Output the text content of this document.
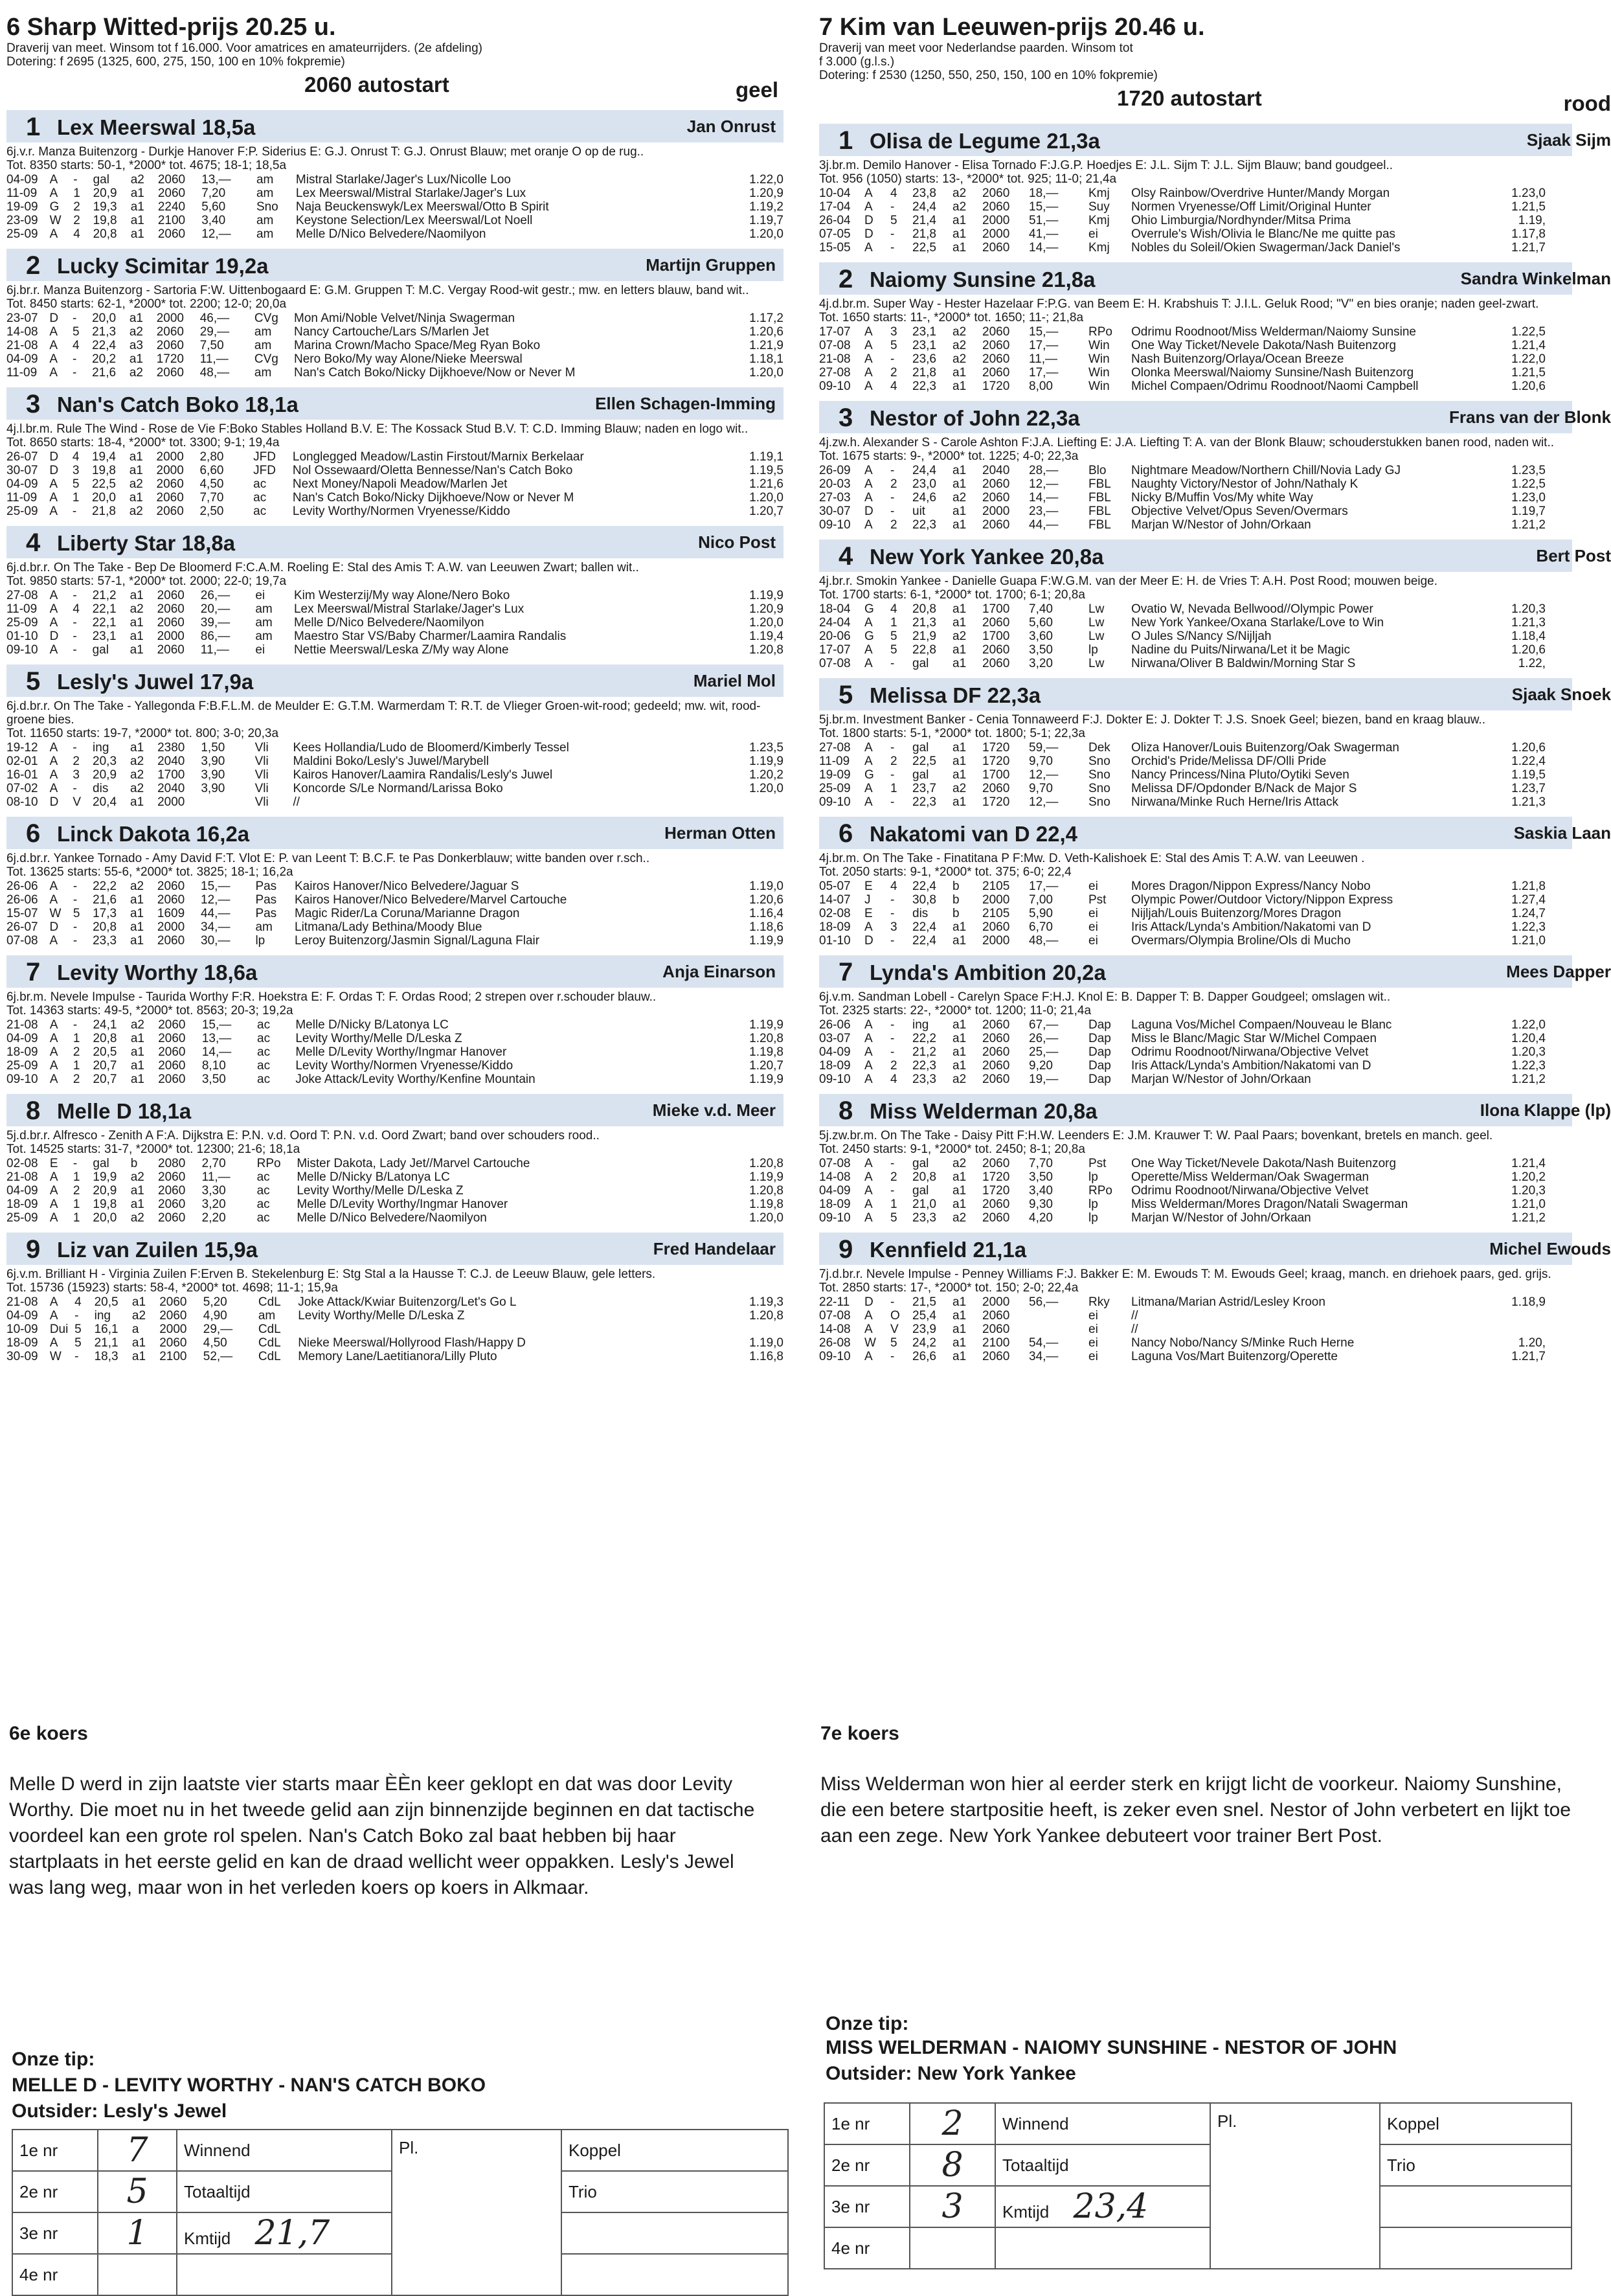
6 Sharp Witted-prijs 20.25 u.
Draverij van meet. Winsom tot f 16.000. Voor amatrices en amateurrijders. (2e afdeling)
Dotering: f 2695 (1325, 600, 275, 150, 100 en 10% fokpremie)
2060 autostart	geel
1 Lex Meerswal 18,5a	Jan Onrust
6j.v.r. Manza Buitenzorg - Durkje Hanover F:P. Siderius E: G.J. Onrust T: G.J. Onrust Blauw; met oranje O op de rug..
Tot. 8350 starts: 50-1, *2000* tot. 4675; 18-1; 18,5a
04-09	A	-	gal	a2	2060	13,—	am	Mistral Starlake/Jager's Lux/Nicolle Loo	1.22,0
11-09	A	1	20,9	a1	2060	7,20	am	Lex Meerswal/Mistral Starlake/Jager's Lux	1.20,9
19-09	G	2	19,3	a1	2240	5,60	Sno	Naja Beuckenswyk/Lex Meerswal/Otto B Spirit	1.19,2
23-09	W	2	19,8	a1	2100	3,40	am	Keystone Selection/Lex Meerswal/Lot Noell	1.19,7
25-09	A	4	20,8	a1	2060	12,—	am	Melle D/Nico Belvedere/Naomilyon	1.20,0
2 Lucky Scimitar 19,2a	Martijn Gruppen
6j.br.r. Manza Buitenzorg - Sartoria F:W. Uittenbogaard E: G.M. Gruppen T: M.C. Vergay Rood-wit gestr.; mw. en letters blauw, band wit..
Tot. 8450 starts: 62-1, *2000* tot. 2200; 12-0; 20,0a
23-07	D	-	20,0	a1	2000	46,—	CVg	Mon Ami/Noble Velvet/Ninja Swagerman	1.17,2
14-08	A	5	21,3	a2	2060	29,—	am	Nancy Cartouche/Lars S/Marlen Jet	1.20,6
21-08	A	4	22,4	a3	2060	7,50	am	Marina Crown/Macho Space/Meg Ryan Boko	1.21,9
04-09	A	-	20,2	a1	1720	11,—	CVg	Nero Boko/My way Alone/Nieke Meerswal	1.18,1
11-09	A	-	21,6	a2	2060	48,—	am	Nan's Catch Boko/Nicky Dijkhoeve/Now or Never M	1.20,0
3 Nan's Catch Boko 18,1a	Ellen Schagen-Imming
4j.l.br.m. Rule The Wind - Rose de Vie F:Boko Stables Holland B.V. E: The Kossack Stud B.V. T: C.D. Imming Blauw; naden en logo wit..
Tot. 8650 starts: 18-4, *2000* tot. 3300; 9-1; 19,4a
26-07	D	4	19,4	a1	2000	2,80	JFD	Longlegged Meadow/Lastin Firstout/Marnix Berkelaar	1.19,1
30-07	D	3	19,8	a1	2000	6,60	JFD	Nol Ossewaard/Oletta Bennesse/Nan's Catch Boko	1.19,5
04-09	A	5	22,5	a2	2060	4,50	ac	Next Money/Napoli Meadow/Marlen Jet	1.21,6
11-09	A	1	20,0	a1	2060	7,70	ac	Nan's Catch Boko/Nicky Dijkhoeve/Now or Never M	1.20,0
25-09	A	-	21,8	a2	2060	2,50	ac	Levity Worthy/Normen Vryenesse/Kiddo	1.20,7
4 Liberty Star 18,8a	Nico Post
6j.d.br.r. On The Take - Bep De Bloomerd F:C.A.M. Roeling E: Stal des Amis T: A.W. van Leeuwen Zwart; ballen wit..
Tot. 9850 starts: 57-1, *2000* tot. 2000; 22-0; 19,7a
27-08	A	-	21,2	a1	2060	26,—	ei	Kim Westerzij/My way Alone/Nero Boko	1.19,9
11-09	A	4	22,1	a2	2060	20,—	am	Lex Meerswal/Mistral Starlake/Jager's Lux	1.20,9
25-09	A	-	22,1	a1	2060	39,—	am	Melle D/Nico Belvedere/Naomilyon	1.20,0
01-10	D	-	23,1	a1	2000	86,—	am	Maestro Star VS/Baby Charmer/Laamira Randalis	1.19,4
09-10	A	-	gal	a1	2060	11,—	ei	Nettie Meerswal/Leska Z/My way Alone	1.20,8
5 Lesly's Juwel 17,9a	Mariel Mol
6j.d.br.r. On The Take - Yallegonda F:B.F.L.M. de Meulder E: G.T.M. Warmerdam T: R.T. de Vlieger Groen-wit-rood; gedeeld; mw. wit, rood-groene bies.
Tot. 11650 starts: 19-7, *2000* tot. 800; 3-0; 20,3a
19-12	A	-	ing	a1	2380	1,50	Vli	Kees Hollandia/Ludo de Bloomerd/Kimberly Tessel	1.23,5
02-01	A	2	20,3	a2	2040	3,90	Vli	Maldini Boko/Lesly's Juwel/Marybell	1.19,9
16-01	A	3	20,9	a2	1700	3,90	Vli	Kairos Hanover/Laamira Randalis/Lesly's Juwel	1.20,2
07-02	A	-	dis	a2	2040	3,90	Vli	Koncorde S/Le Normand/Larissa Boko	1.20,0
08-10	D	V	20,4	a1	2000		Vli	//	
6 Linck Dakota 16,2a	Herman Otten
6j.d.br.r. Yankee Tornado - Amy David F:T. Vlot E: P. van Leent T: B.C.F. te Pas Donkerblauw; witte banden over r.sch..
Tot. 13625 starts: 55-6, *2000* tot. 3825; 18-1; 16,2a
26-06	A	-	22,2	a2	2060	15,—	Pas	Kairos Hanover/Nico Belvedere/Jaguar S	1.19,0
26-06	A	-	21,6	a1	2060	12,—	Pas	Kairos Hanover/Nico Belvedere/Marvel Cartouche	1.20,6
15-07	W	5	17,3	a1	1609	44,—	Pas	Magic Rider/La Coruna/Marianne Dragon	1.16,4
26-07	D	-	20,8	a1	2000	34,—	am	Litmana/Lady Bethina/Moody Blue	1.18,6
07-08	A	-	23,3	a1	2060	30,—	lp	Leroy Buitenzorg/Jasmin Signal/Laguna Flair	1.19,9
7 Levity Worthy 18,6a	Anja Einarson
6j.br.m. Nevele Impulse - Taurida Worthy F:R. Hoekstra E: F. Ordas T: F. Ordas Rood; 2 strepen over r.schouder blauw..
Tot. 14363 starts: 49-5, *2000* tot. 8563; 20-3; 19,2a
21-08	A	-	24,1	a2	2060	15,—	ac	Melle D/Nicky B/Latonya LC	1.19,9
04-09	A	1	20,8	a1	2060	13,—	ac	Levity Worthy/Melle D/Leska Z	1.20,8
18-09	A	2	20,5	a1	2060	14,—	ac	Melle D/Levity Worthy/Ingmar Hanover	1.19,8
25-09	A	1	20,7	a1	2060	8,10	ac	Levity Worthy/Normen Vryenesse/Kiddo	1.20,7
09-10	A	2	20,7	a1	2060	3,50	ac	Joke Attack/Levity Worthy/Kenfine Mountain	1.19,9
8 Melle D 18,1a	Mieke v.d. Meer
5j.d.br.r. Alfresco - Zenith A F:A. Dijkstra E: P.N. v.d. Oord T: P.N. v.d. Oord Zwart; band over schouders rood..
Tot. 14525 starts: 31-7, *2000* tot. 12300; 21-6; 18,1a
02-08	E	-	gal	b	2080	2,70	RPo	Mister Dakota, Lady Jet//Marvel Cartouche	1.20,8
21-08	A	1	19,9	a2	2060	11,—	ac	Melle D/Nicky B/Latonya LC	1.19,9
04-09	A	2	20,9	a1	2060	3,30	ac	Levity Worthy/Melle D/Leska Z	1.20,8
18-09	A	1	19,8	a1	2060	3,20	ac	Melle D/Levity Worthy/Ingmar Hanover	1.19,8
25-09	A	1	20,0	a2	2060	2,20	ac	Melle D/Nico Belvedere/Naomilyon	1.20,0
9 Liz van Zuilen 15,9a	Fred Handelaar
6j.v.m. Brilliant H - Virginia Zuilen F:Erven B. Stekelenburg E: Stg Stal a la Hausse T: C.J. de Leeuw Blauw, gele letters.
Tot. 15736 (15923) starts: 58-4, *2000* tot. 4698; 11-1; 15,9a
21-08	A	4	20,5	a1	2060	5,20	CdL	Joke Attack/Kwiar Buitenzorg/Let's Go L	1.19,3
04-09	A	-	ing	a2	2060	4,90	am	Levity Worthy/Melle D/Leska Z	1.20,8
10-09	Dui	5	16,1	a	2000	29,—	CdL		
18-09	A	5	21,1	a1	2060	4,50	CdL	Nieke Meerswal/Hollyrood Flash/Happy D	1.19,0
30-09	W	-	18,3	a1	2100	52,—	CdL	Memory Lane/Laetitianora/Lilly Pluto	1.16,8
7 Kim van Leeuwen-prijs 20.46 u.
Draverij van meet voor Nederlandse paarden. Winsom tot
f 3.000 (g.l.s.)
Dotering: f 2530 (1250, 550, 250, 150, 100 en 10% fokpremie)
1720 autostart	rood
1 Olisa de Legume 21,3a	Sjaak Sijm
3j.br.m. Demilo Hanover - Elisa Tornado F:J.G.P. Hoedjes E: J.L. Sijm T: J.L. Sijm Blauw; band goudgeel..
Tot. 956 (1050) starts: 13-, *2000* tot. 925; 11-0; 21,4a
10-04	A	4	23,8	a2	2060	18,—	Kmj	Olsy Rainbow/Overdrive Hunter/Mandy Morgan	1.23,0
17-04	A	-	24,4	a2	2060	15,—	Suy	Normen Vryenesse/Off Limit/Original Hunter	1.21,5
26-04	D	5	21,4	a1	2000	51,—	Kmj	Ohio Limburgia/Nordhynder/Mitsa Prima	1.19,
07-05	D	-	21,8	a1	2000	41,—	ei	Overrule's Wish/Olivia le Blanc/Ne me quitte pas	1.17,8
15-05	A	-	22,5	a1	2060	14,—	Kmj	Nobles du Soleil/Okien Swagerman/Jack Daniel's	1.21,7
2 Naiomy Sunsine 21,8a	Sandra Winkelman
4j.d.br.m. Super Way - Hester Hazelaar F:P.G. van Beem E: H. Krabshuis T: J.I.L. Geluk Rood; "V" en bies oranje; naden geel-zwart.
Tot. 1650 starts: 11-, *2000* tot. 1650; 11-; 21,8a
17-07	A	3	23,1	a2	2060	15,—	RPo	Odrimu Roodnoot/Miss Welderman/Naiomy Sunsine	1.22,5
07-08	A	5	23,1	a2	2060	17,—	Win	One Way Ticket/Nevele Dakota/Nash Buitenzorg	1.21,4
21-08	A	-	23,6	a2	2060	11,—	Win	Nash Buitenzorg/Orlaya/Ocean Breeze	1.22,0
27-08	A	2	21,8	a1	2060	17,—	Win	Olonka Meerswal/Naiomy Sunsine/Nash Buitenzorg	1.21,5
09-10	A	4	22,3	a1	1720	8,00	Win	Michel Compaen/Odrimu Roodnoot/Naomi Campbell	1.20,6
3 Nestor of John 22,3a	Frans van der Blonk
4j.zw.h. Alexander S - Carole Ashton F:J.A. Liefting E: J.A. Liefting T: A. van der Blonk Blauw; schouderstukken banen rood, naden wit..
Tot. 1675 starts: 9-, *2000* tot. 1225; 4-0; 22,3a
26-09	A	-	24,4	a1	2040	28,—	Blo	Nightmare Meadow/Northern Chill/Novia Lady GJ	1.23,5
20-03	A	2	23,0	a1	2060	12,—	FBL	Naughty Victory/Nestor of John/Nathaly K	1.22,5
27-03	A	-	24,6	a2	2060	14,—	FBL	Nicky B/Muffin Vos/My white Way	1.23,0
30-07	D	-	uit	a1	2000	23,—	FBL	Objective Velvet/Opus Seven/Overmars	1.19,7
09-10	A	2	22,3	a1	2060	44,—	FBL	Marjan W/Nestor of John/Orkaan	1.21,2
4 New York Yankee 20,8a	Bert Post
4j.br.r. Smokin Yankee - Danielle Guapa F:W.G.M. van der Meer E: H. de Vries T: A.H. Post Rood; mouwen beige.
Tot. 1700 starts: 6-1, *2000* tot. 1700; 6-1; 20,8a
18-04	G	4	20,8	a1	1700	7,40	Lw	Ovatio W, Nevada Bellwood//Olympic Power	1.20,3
24-04	A	1	21,3	a1	2060	5,60	Lw	New York Yankee/Oxana Starlake/Love to Win	1.21,3
20-06	G	5	21,9	a2	1700	3,60	Lw	O Jules S/Nancy S/Nijljah	1.18,4
17-07	A	5	22,8	a1	2060	3,50	lp	Nadine du Puits/Nirwana/Let it be Magic	1.20,6
07-08	A	-	gal	a1	2060	3,20	Lw	Nirwana/Oliver B Baldwin/Morning Star S	1.22,
5 Melissa DF 22,3a	Sjaak Snoek
5j.br.m. Investment Banker - Cenia Tonnaweerd F:J. Dokter E: J. Dokter T: J.S. Snoek Geel; biezen, band en kraag blauw..
Tot. 1800 starts: 5-1, *2000* tot. 1800; 5-1; 22,3a
27-08	A	-	gal	a1	1720	59,—	Dek	Oliza Hanover/Louis Buitenzorg/Oak Swagerman	1.20,6
11-09	A	2	22,5	a1	1720	9,70	Sno	Orchid's Pride/Melissa DF/Olli Pride	1.22,4
19-09	G	-	gal	a1	1700	12,—	Sno	Nancy Princess/Nina Pluto/Oytiki Seven	1.19,5
25-09	A	1	23,7	a2	2060	9,70	Sno	Melissa DF/Opdonder B/Nack de Major S	1.23,7
09-10	A	-	22,3	a1	1720	12,—	Sno	Nirwana/Minke Ruch Herne/Iris Attack	1.21,3
6 Nakatomi van D 22,4	Saskia Laan
4j.br.m. On The Take - Finatitana P F:Mw. D. Veth-Kalishoek E: Stal des Amis T: A.W. van Leeuwen .
Tot. 2050 starts: 9-1, *2000* tot. 375; 6-0; 22,4
05-07	E	4	22,4	b	2105	17,—	ei	Mores Dragon/Nippon Express/Nancy Nobo	1.21,8
14-07	J	-	30,8	b	2000	7,00	Pst	Olympic Power/Outdoor Victory/Nippon Express	1.27,4
02-08	E	-	dis	b	2105	5,90	ei	Nijljah/Louis Buitenzorg/Mores Dragon	1.24,7
18-09	A	3	22,4	a1	2060	6,70	ei	Iris Attack/Lynda's Ambition/Nakatomi van D	1.22,3
01-10	D	-	22,4	a1	2000	48,—	ei	Overmars/Olympia Broline/Ols di Mucho	1.21,0
7 Lynda's Ambition 20,2a	Mees Dapper
6j.v.m. Sandman Lobell - Carelyn Space F:H.J. Knol E: B. Dapper T: B. Dapper Goudgeel; omslagen wit..
Tot. 2325 starts: 22-, *2000* tot. 1200; 11-0; 21,4a
26-06	A	-	ing	a1	2060	67,—	Dap	Laguna Vos/Michel Compaen/Nouveau le Blanc	1.22,0
03-07	A	-	22,2	a1	2060	26,—	Dap	Miss le Blanc/Magic Star W/Michel Compaen	1.20,4
04-09	A	-	21,2	a1	2060	25,—	Dap	Odrimu Roodnoot/Nirwana/Objective Velvet	1.20,3
18-09	A	2	22,3	a1	2060	9,20	Dap	Iris Attack/Lynda's Ambition/Nakatomi van D	1.22,3
09-10	A	4	23,3	a2	2060	19,—	Dap	Marjan W/Nestor of John/Orkaan	1.21,2
8 Miss Welderman 20,8a	Ilona Klappe (lp)
5j.zw.br.m. On The Take - Daisy Pitt F:H.W. Leenders E: J.M. Krauwer T: W. Paal Paars; bovenkant, bretels en manch. geel.
Tot. 2450 starts: 9-1, *2000* tot. 2450; 8-1; 20,8a
07-08	A	-	gal	a2	2060	7,70	Pst	One Way Ticket/Nevele Dakota/Nash Buitenzorg	1.21,4
14-08	A	2	20,8	a1	1720	3,50	lp	Operette/Miss Welderman/Oak Swagerman	1.20,2
04-09	A	-	gal	a1	1720	3,40	RPo	Odrimu Roodnoot/Nirwana/Objective Velvet	1.20,3
18-09	A	1	21,0	a1	2060	9,30	lp	Miss Welderman/Mores Dragon/Natali Swagerman	1.21,0
09-10	A	5	23,3	a2	2060	4,20	lp	Marjan W/Nestor of John/Orkaan	1.21,2
9 Kennfield 21,1a	Michel Ewouds
7j.d.br.r. Nevele Impulse - Penney Williams F:J. Bakker E: M. Ewouds T: M. Ewouds Geel; kraag, manch. en driehoek paars, ged. grijs.
Tot. 2850 starts: 17-, *2000* tot. 150; 2-0; 22,4a
22-11	D	-	21,5	a1	2000	56,—	Rky	Litmana/Marian Astrid/Lesley Kroon	1.18,9
07-08	A	O	25,4	a1	2060		ei	//	
14-08	A	V	23,9	a1	2060		ei	//	
26-08	W	5	24,2	a1	2100	54,—	ei	Nancy Nobo/Nancy S/Minke Ruch Herne	1.20,
09-10	A	-	26,6	a1	2060	34,—	ei	Laguna Vos/Mart Buitenzorg/Operette	1.21,7
6e koers
Melle D werd in zijn laatste vier starts maar ÈÈn keer geklopt en dat was door Levity Worthy. Die moet nu in het tweede gelid aan zijn binnenzijde beginnen en dat tactische voordeel kan een grote rol spelen. Nan's Catch Boko zal baat hebben bij haar startplaats in het eerste gelid en kan de draad wellicht weer oppakken. Lesly's Jewel was lang weg, maar won in het verleden koers op koers in Alkmaar.
Onze tip:
MELLE D - LEVITY WORTHY - NAN'S CATCH BOKO
Outsider: Lesly's Jewel
7e koers
Miss Welderman won hier al eerder sterk en krijgt licht de voorkeur. Naiomy Sunshine, die een betere startpositie heeft, is zeker even snel. Nestor of John verbetert en lijkt toe aan een zege. New York Yankee debuteert voor trainer Bert Post.
Onze tip:
MISS WELDERMAN - NAIOMY SUNSHINE - NESTOR OF JOHN
Outsider: New York Yankee
1e nr	7	Winnend	Pl.	Koppel
2e nr	5	Totaaltijd		Trio
3e nr	1	Kmtijd 21,7		
4e nr				
1e nr	2	Winnend	Pl.	Koppel
2e nr	8	Totaaltijd		Trio
3e nr	3	Kmtijd 23,4		
4e nr				
